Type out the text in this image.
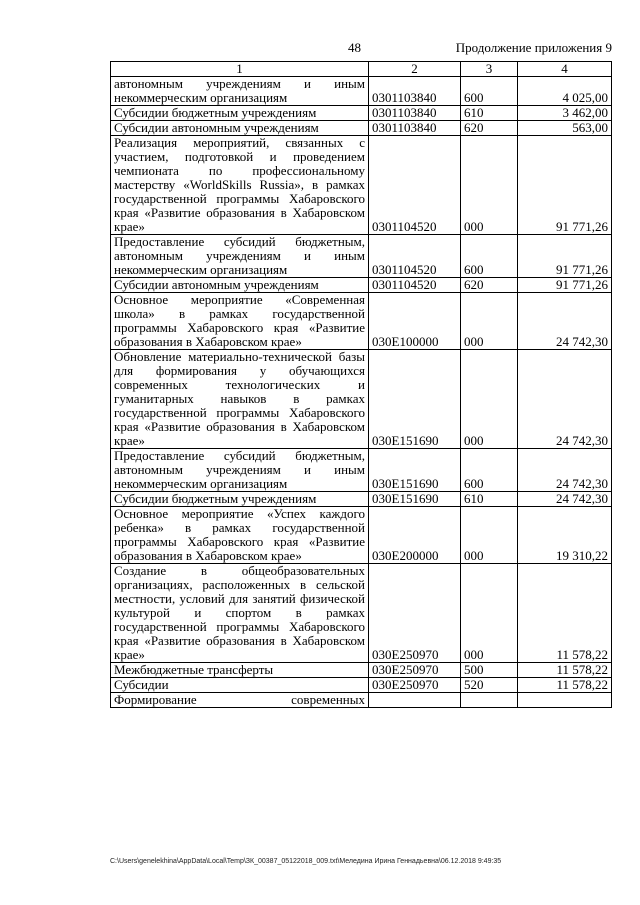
48	Продолжение приложения 9
1	2	3	4
автономным учреждениям и иным некоммерческим организациям	0301103840	600	4 025,00
Субсидии бюджетным учреждениям	0301103840	610	3 462,00
Субсидии автономным учреждениям	0301103840	620	563,00
Реализация мероприятий, связанных с участием, подготовкой и проведением чемпионата по профессиональному мастерству «WorldSkills Russia», в рамках государственной программы Хабаровского края «Развитие образования в Хабаровском крае»	0301104520	000	91 771,26
Предоставление субсидий бюджетным, автономным учреждениям и иным некоммерческим организациям	0301104520	600	91 771,26
Субсидии автономным учреждениям	0301104520	620	91 771,26
Основное мероприятие «Современная школа» в рамках государственной программы Хабаровского края «Развитие образования в Хабаровском крае»	030E100000	000	24 742,30
Обновление материально-технической базы для формирования у обучающихся современных технологических и гуманитарных навыков в рамках государственной программы Хабаровского края «Развитие образования в Хабаровском крае»	030E151690	000	24 742,30
Предоставление субсидий бюджетным, автономным учреждениям и иным некоммерческим организациям	030E151690	600	24 742,30
Субсидии бюджетным учреждениям	030E151690	610	24 742,30
Основное мероприятие «Успех каждого ребенка» в рамках государственной программы Хабаровского края «Развитие образования в Хабаровском крае»	030E200000	000	19 310,22
Создание в общеобразовательных организациях, расположенных в сельской местности, условий для занятий физической культурой и спортом в рамках государственной программы Хабаровского края «Развитие образования в Хабаровском крае»	030E250970	000	11 578,22
Межбюджетные трансферты	030E250970	500	11 578,22
Субсидии	030E250970	520	11 578,22
Формирование современных			
C:\Users\genelekhina\AppData\Local\Temp\ЗК_00387_05122018_009.txt\Меледина Ирина Геннадьевна\06.12.2018 9:49:35
